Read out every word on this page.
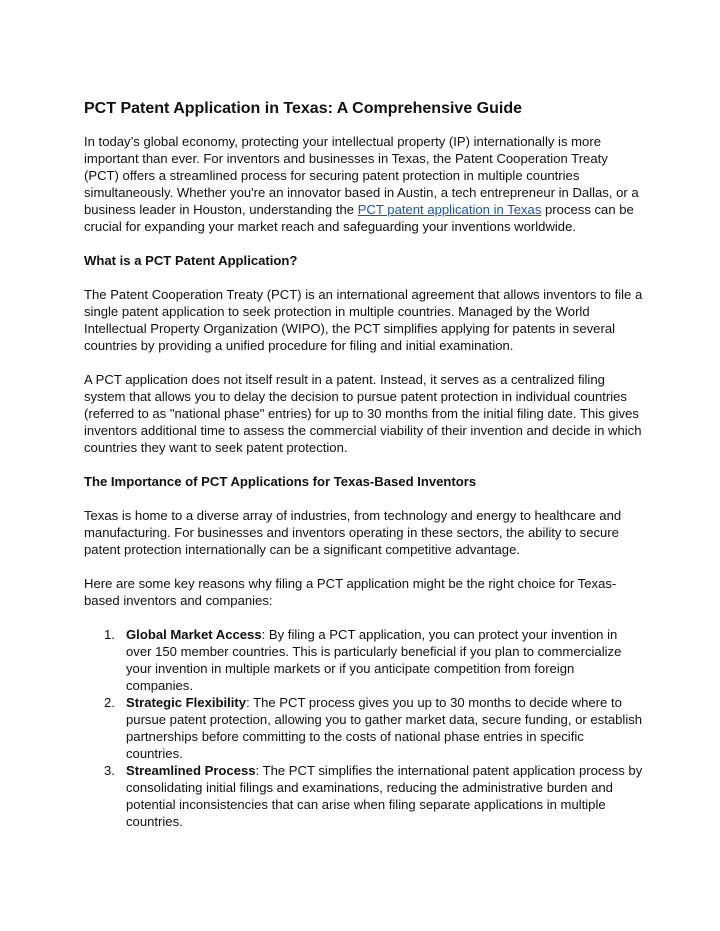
PCT Patent Application in Texas: A Comprehensive Guide

In today’s global economy, protecting your intellectual property (IP) internationally is more important than ever. For inventors and businesses in Texas, the Patent Cooperation Treaty (PCT) offers a streamlined process for securing patent protection in multiple countries simultaneously. Whether you're an innovator based in Austin, a tech entrepreneur in Dallas, or a business leader in Houston, understanding the PCT patent application in Texas process can be crucial for expanding your market reach and safeguarding your inventions worldwide.

What is a PCT Patent Application?

The Patent Cooperation Treaty (PCT) is an international agreement that allows inventors to file a single patent application to seek protection in multiple countries. Managed by the World Intellectual Property Organization (WIPO), the PCT simplifies applying for patents in several countries by providing a unified procedure for filing and initial examination.

A PCT application does not itself result in a patent. Instead, it serves as a centralized filing system that allows you to delay the decision to pursue patent protection in individual countries (referred to as "national phase" entries) for up to 30 months from the initial filing date. This gives inventors additional time to assess the commercial viability of their invention and decide in which countries they want to seek patent protection.

The Importance of PCT Applications for Texas-Based Inventors

Texas is home to a diverse array of industries, from technology and energy to healthcare and manufacturing. For businesses and inventors operating in these sectors, the ability to secure patent protection internationally can be a significant competitive advantage.

Here are some key reasons why filing a PCT application might be the right choice for Texas-based inventors and companies:

1. Global Market Access: By filing a PCT application, you can protect your invention in over 150 member countries. This is particularly beneficial if you plan to commercialize your invention in multiple markets or if you anticipate competition from foreign companies.
2. Strategic Flexibility: The PCT process gives you up to 30 months to decide where to pursue patent protection, allowing you to gather market data, secure funding, or establish partnerships before committing to the costs of national phase entries in specific countries.
3. Streamlined Process: The PCT simplifies the international patent application process by consolidating initial filings and examinations, reducing the administrative burden and potential inconsistencies that can arise when filing separate applications in multiple countries.
